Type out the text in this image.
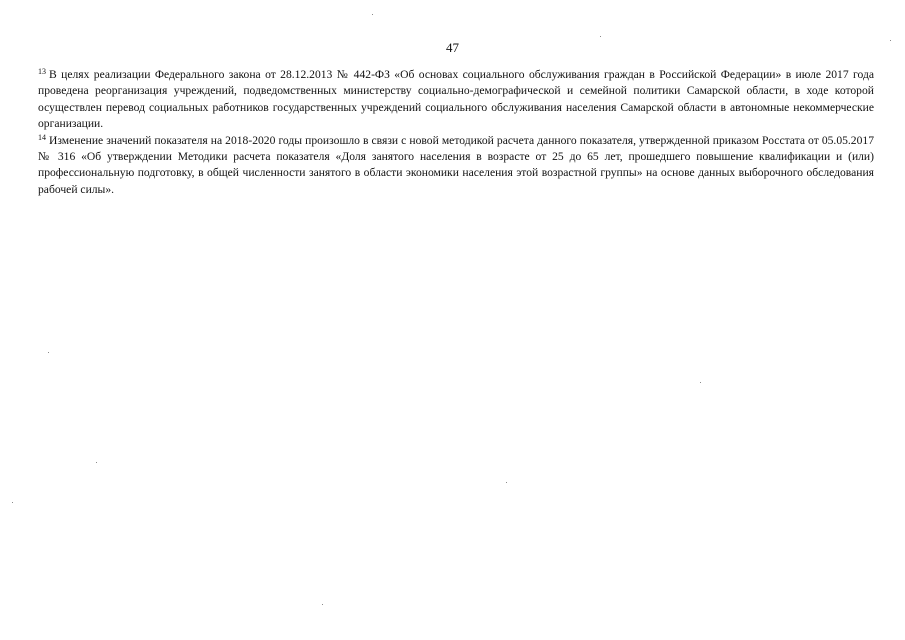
47

$^{13}$ В целях реализации Федерального закона от 28.12.2013 № 442-ФЗ «Об основах социального обслуживания граждан в Российской Федерации» в июле 2017 года проведена реорганизация учреждений, подведомственных министерству социально-демографической и семейной политики Самарской области, в ходе которой осуществлен перевод социальных работников государственных учреждений социального обслуживания населения Самарской области в автономные некоммерческие организации.

$^{14}$ Изменение значений показателя на 2018-2020 годы произошло в связи с новой методикой расчета данного показателя, утвержденной приказом Росстата от 05.05.2017 № 316 «Об утверждении Методики расчета показателя «Доля занятого населения в возрасте от 25 до 65 лет, прошедшего повышение квалификации и (или) профессиональную подготовку, в общей численности занятого в области экономики населения этой возрастной группы» на основе данных выборочного обследования рабочей силы».
